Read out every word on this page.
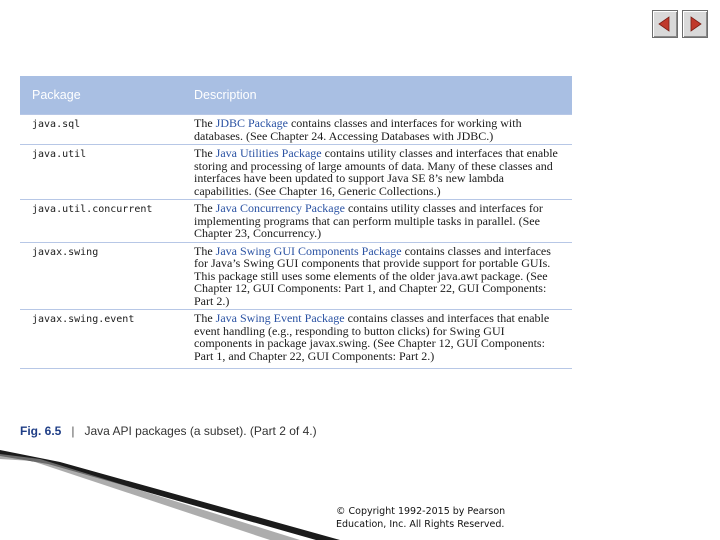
Package	Description
java.sql	The JDBC Package contains classes and interfaces for working with databases. (See Chapter 24. Accessing Databases with JDBC.)
java.util	The Java Utilities Package contains utility classes and interfaces that enable storing and processing of large amounts of data. Many of these classes and interfaces have been updated to support Java SE 8’s new lambda capabilities. (See Chapter 16, Generic Collections.)
java.util.concurrent	The Java Concurrency Package contains utility classes and interfaces for implementing programs that can perform multiple tasks in parallel. (See Chapter 23, Concurrency.)
javax.swing	The Java Swing GUI Components Package contains classes and interfaces for Java’s Swing GUI components that provide support for portable GUIs. This package still uses some elements of the older java.awt package. (See Chapter 12, GUI Components: Part 1, and Chapter 22, GUI Components: Part 2.)
javax.swing.event	The Java Swing Event Package contains classes and interfaces that enable event handling (e.g., responding to button clicks) for Swing GUI components in package javax.swing. (See Chapter 12, GUI Components: Part 1, and Chapter 22, GUI Components: Part 2.)
Fig. 6.5 | Java API packages (a subset). (Part 2 of 4.)
© Copyright 1992-2015 by Pearson Education, Inc. All Rights Reserved.
